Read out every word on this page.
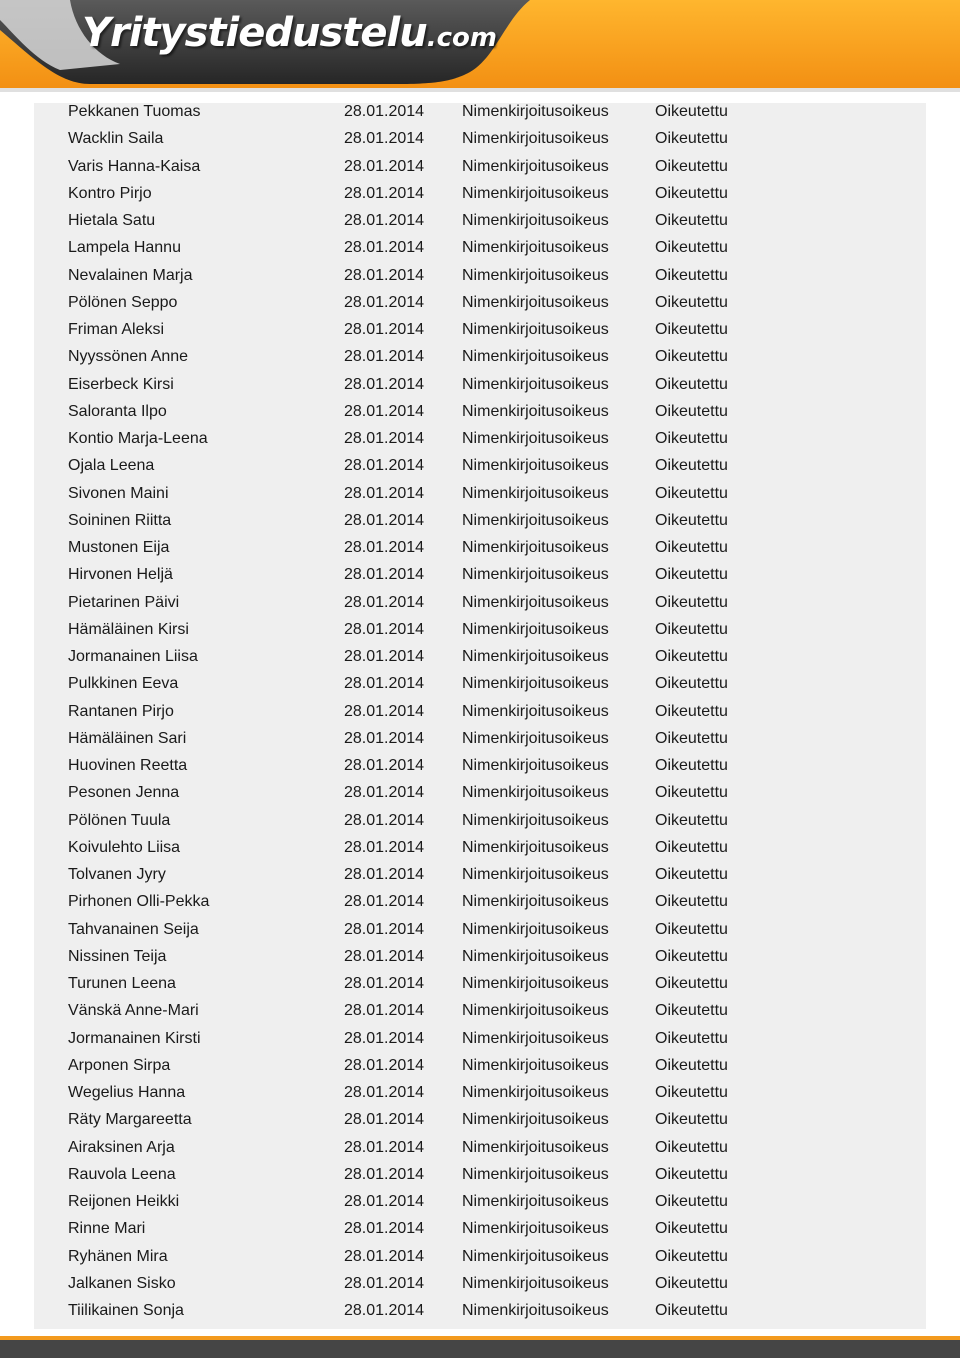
Yritystiedustelu.com
Pekkanen Tuomas	28.01.2014 Nimenkirjoitusoikeus	Oikeutettu
Wacklin Saila	28.01.2014 Nimenkirjoitusoikeus	Oikeutettu
Varis Hanna-Kaisa	28.01.2014 Nimenkirjoitusoikeus	Oikeutettu
Kontro Pirjo	28.01.2014 Nimenkirjoitusoikeus	Oikeutettu
Hietala Satu	28.01.2014 Nimenkirjoitusoikeus	Oikeutettu
Lampela Hannu	28.01.2014 Nimenkirjoitusoikeus	Oikeutettu
Nevalainen Marja	28.01.2014 Nimenkirjoitusoikeus	Oikeutettu
Pölönen Seppo	28.01.2014 Nimenkirjoitusoikeus	Oikeutettu
Friman Aleksi	28.01.2014 Nimenkirjoitusoikeus	Oikeutettu
Nyyssönen Anne	28.01.2014 Nimenkirjoitusoikeus	Oikeutettu
Eiserbeck Kirsi	28.01.2014 Nimenkirjoitusoikeus	Oikeutettu
Saloranta Ilpo	28.01.2014 Nimenkirjoitusoikeus	Oikeutettu
Kontio Marja-Leena	28.01.2014 Nimenkirjoitusoikeus	Oikeutettu
Ojala Leena	28.01.2014 Nimenkirjoitusoikeus	Oikeutettu
Sivonen Maini	28.01.2014 Nimenkirjoitusoikeus	Oikeutettu
Soininen Riitta	28.01.2014 Nimenkirjoitusoikeus	Oikeutettu
Mustonen Eija	28.01.2014 Nimenkirjoitusoikeus	Oikeutettu
Hirvonen Heljä	28.01.2014 Nimenkirjoitusoikeus	Oikeutettu
Pietarinen Päivi	28.01.2014 Nimenkirjoitusoikeus	Oikeutettu
Hämäläinen Kirsi	28.01.2014 Nimenkirjoitusoikeus	Oikeutettu
Jormanainen Liisa	28.01.2014 Nimenkirjoitusoikeus	Oikeutettu
Pulkkinen Eeva	28.01.2014 Nimenkirjoitusoikeus	Oikeutettu
Rantanen Pirjo	28.01.2014 Nimenkirjoitusoikeus	Oikeutettu
Hämäläinen Sari	28.01.2014 Nimenkirjoitusoikeus	Oikeutettu
Huovinen Reetta	28.01.2014 Nimenkirjoitusoikeus	Oikeutettu
Pesonen Jenna	28.01.2014 Nimenkirjoitusoikeus	Oikeutettu
Pölönen Tuula	28.01.2014 Nimenkirjoitusoikeus	Oikeutettu
Koivulehto Liisa	28.01.2014 Nimenkirjoitusoikeus	Oikeutettu
Tolvanen Jyry	28.01.2014 Nimenkirjoitusoikeus	Oikeutettu
Pirhonen Olli-Pekka	28.01.2014 Nimenkirjoitusoikeus	Oikeutettu
Tahvanainen Seija	28.01.2014 Nimenkirjoitusoikeus	Oikeutettu
Nissinen Teija	28.01.2014 Nimenkirjoitusoikeus	Oikeutettu
Turunen Leena	28.01.2014 Nimenkirjoitusoikeus	Oikeutettu
Vänskä Anne-Mari	28.01.2014 Nimenkirjoitusoikeus	Oikeutettu
Jormanainen Kirsti	28.01.2014 Nimenkirjoitusoikeus	Oikeutettu
Arponen Sirpa	28.01.2014 Nimenkirjoitusoikeus	Oikeutettu
Wegelius Hanna	28.01.2014 Nimenkirjoitusoikeus	Oikeutettu
Räty Margareetta	28.01.2014 Nimenkirjoitusoikeus	Oikeutettu
Airaksinen Arja	28.01.2014 Nimenkirjoitusoikeus	Oikeutettu
Rauvola Leena	28.01.2014 Nimenkirjoitusoikeus	Oikeutettu
Reijonen Heikki	28.01.2014 Nimenkirjoitusoikeus	Oikeutettu
Rinne Mari	28.01.2014 Nimenkirjoitusoikeus	Oikeutettu
Ryhänen Mira	28.01.2014 Nimenkirjoitusoikeus	Oikeutettu
Jalkanen Sisko	28.01.2014 Nimenkirjoitusoikeus	Oikeutettu
Tiilikainen Sonja	28.01.2014 Nimenkirjoitusoikeus	Oikeutettu
